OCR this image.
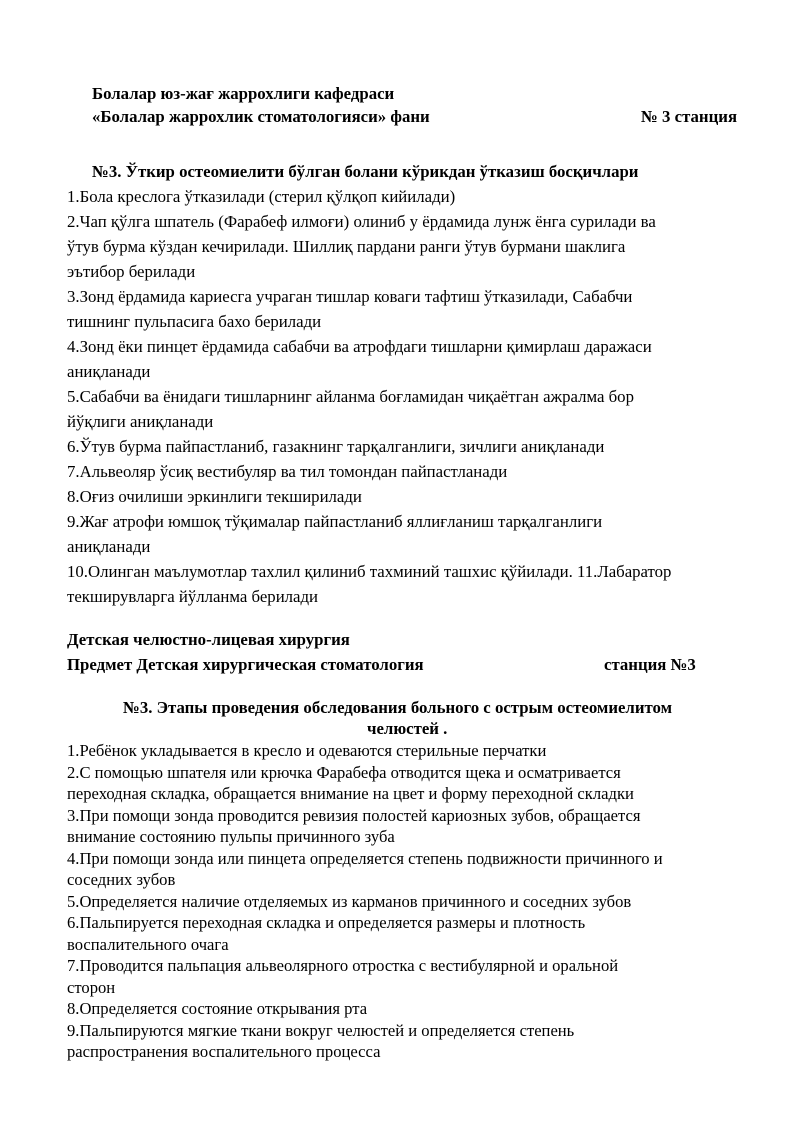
Болалар юз-жағ жаррохлиги кафедраси
«Болалар жаррохлик стоматологияси» фани	№ 3 станция
№3. Ўткир остеомиелити бўлган болани кўрикдан ўтказиш босқичлари
1.Бола креслога ўтказилади (стерил қўлқоп кийилади)
2.Чап қўлга шпатель (Фарабеф илмоғи) олиниб у ёрдамида лунж ёнга сурилади ва
ўтув бурма кўздан кечирилади. Шиллиқ пардани ранги ўтув бурмани шаклига
эътибор берилади
3.Зонд ёрдамида кариесга учраган тишлар коваги тафтиш ўтказилади, Сабабчи
тишнинг пульпасига бахо берилади
4.Зонд ёки пинцет ёрдамида сабабчи ва атрофдаги тишларни қимирлаш даражаси
аниқланади
5.Сабабчи ва ёнидаги тишларнинг айланма боғламидан чиқаётган ажралма бор
йўқлиги аниқланади
6.Ўтув бурма пайпастланиб, газакнинг тарқалганлиги, зичлиги аниқланади
7.Альвеоляр ўсиқ вестибуляр ва тил томондан пайпастланади
8.Оғиз очилиши эркинлиги текширилади
9.Жағ атрофи юмшоқ тўқималар пайпастланиб яллиғланиш тарқалганлиги
аниқланади
10.Олинган маълумотлар тахлил қилиниб тахминий ташхис қўйилади. 11.Лабаратор
текширувларга йўлланма берилади
Детская челюстно-лицевая хирургия
Предмет Детская хирургическая стоматология	станция №3
№3. Этапы проведения обследования больного с острым остеомиелитом
челюстей .
1.Ребёнок укладывается в кресло и одеваются стерильные перчатки
2.С помощью шпателя или крючка Фарабефа отводится щека и осматривается
переходная складка, обращается внимание на цвет и форму переходной складки
3.При помощи зонда проводится ревизия полостей кариозных зубов, обращается
внимание состоянию пульпы причинного зуба
4.При помощи зонда или пинцета определяется степень подвижности причинного и
соседних зубов
5.Определяется наличие отделяемых из карманов причинного и соседних зубов
6.Пальпируется переходная складка и определяется размеры и плотность
воспалительного очага
7.Проводится пальпация альвеолярного отростка с вестибулярной и оральной
сторон
8.Определяется состояние открывания рта
9.Пальпируются мягкие ткани вокруг челюстей и определяется степень
распространения воспалительного процесса
